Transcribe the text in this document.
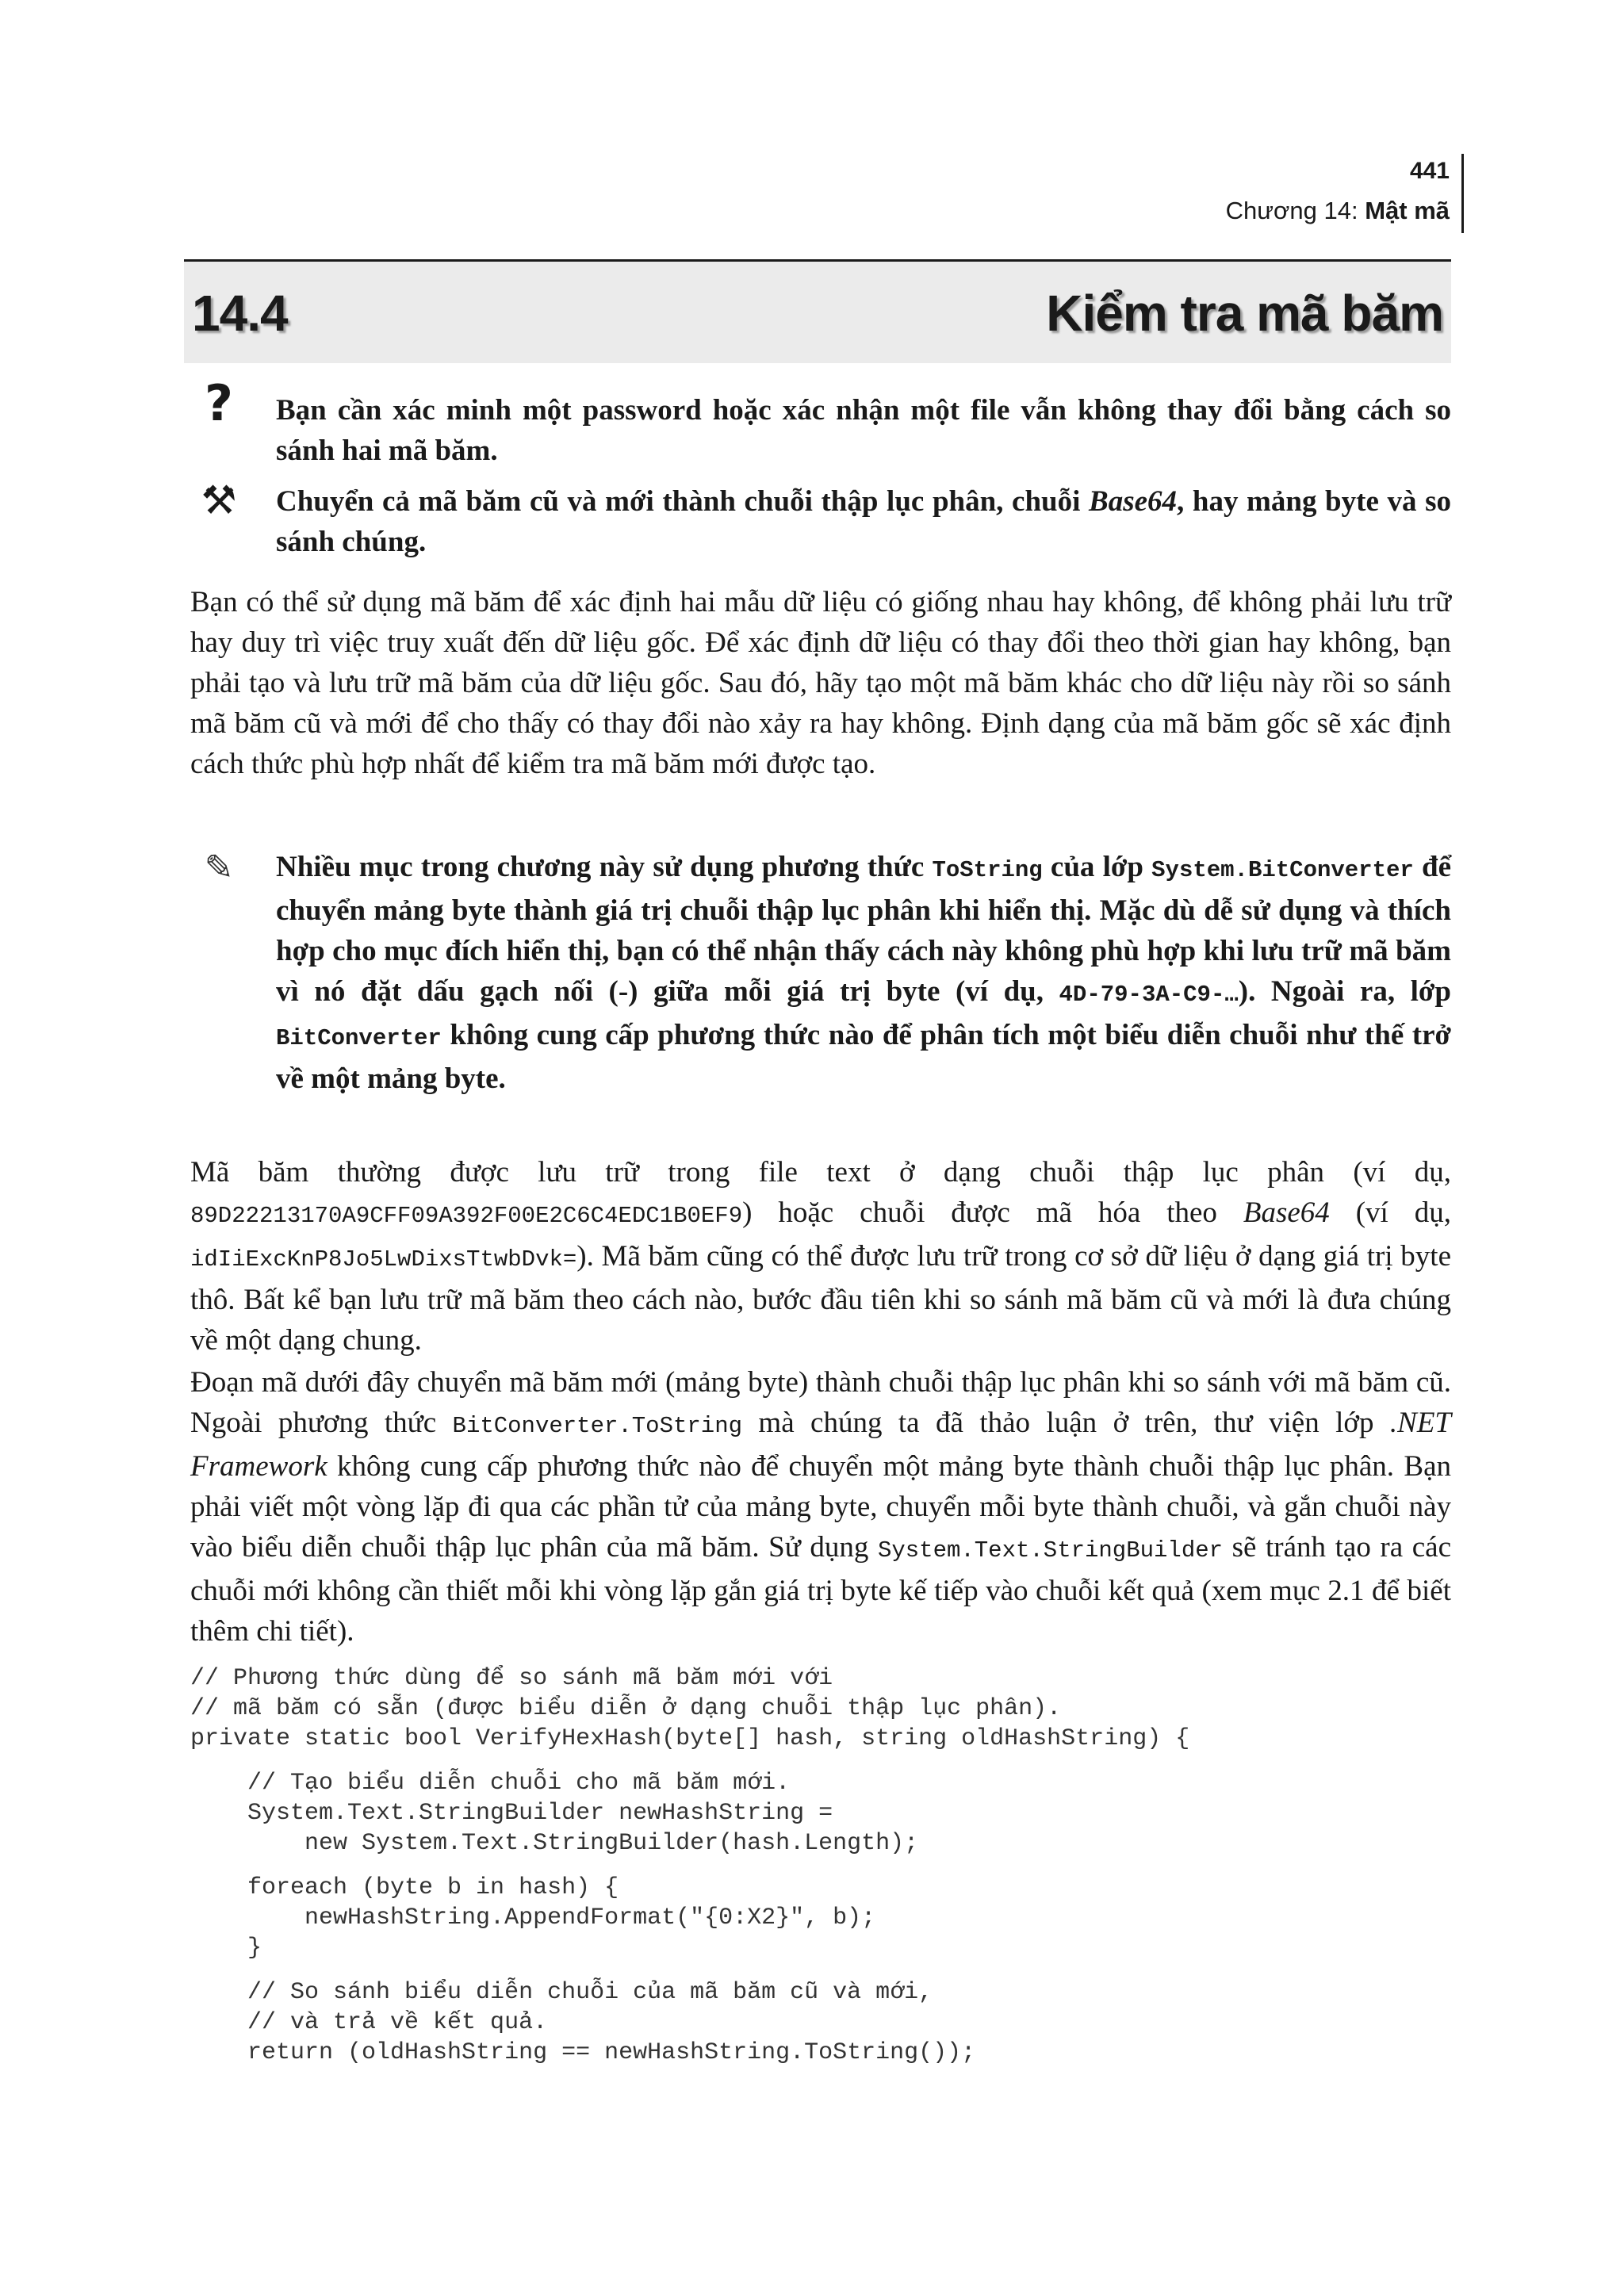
441
Chương 14: Mật mã
14.4	Kiểm tra mã băm
? Bạn cần xác minh một password hoặc xác nhận một file vẫn không thay đổi bằng cách so sánh hai mã băm.

⚒ Chuyển cả mã băm cũ và mới thành chuỗi thập lục phân, chuỗi Base64, hay mảng byte và so sánh chúng.

Bạn có thể sử dụng mã băm để xác định hai mẫu dữ liệu có giống nhau hay không, để không phải lưu trữ hay duy trì việc truy xuất đến dữ liệu gốc. Để xác định dữ liệu có thay đổi theo thời gian hay không, bạn phải tạo và lưu trữ mã băm của dữ liệu gốc. Sau đó, hãy tạo một mã băm khác cho dữ liệu này rồi so sánh mã băm cũ và mới để cho thấy có thay đổi nào xảy ra hay không. Định dạng của mã băm gốc sẽ xác định cách thức phù hợp nhất để kiểm tra mã băm mới được tạo.

✎ Nhiều mục trong chương này sử dụng phương thức ToString của lớp System.BitConverter để chuyển mảng byte thành giá trị chuỗi thập lục phân khi hiển thị. Mặc dù dễ sử dụng và thích hợp cho mục đích hiển thị, bạn có thể nhận thấy cách này không phù hợp khi lưu trữ mã băm vì nó đặt dấu gạch nối (-) giữa mỗi giá trị byte (ví dụ, 4D-79-3A-C9-…). Ngoài ra, lớp BitConverter không cung cấp phương thức nào để phân tích một biểu diễn chuỗi như thế trở về một mảng byte.

Mã băm thường được lưu trữ trong file text ở dạng chuỗi thập lục phân (ví dụ, 89D22213170A9CFF09A392F00E2C6C4EDC1B0EF9) hoặc chuỗi được mã hóa theo Base64 (ví dụ, idIiExcKnP8Jo5LwDixsTtwbDvk=). Mã băm cũng có thể được lưu trữ trong cơ sở dữ liệu ở dạng giá trị byte thô. Bất kể bạn lưu trữ mã băm theo cách nào, bước đầu tiên khi so sánh mã băm cũ và mới là đưa chúng về một dạng chung.

Đoạn mã dưới đây chuyển mã băm mới (mảng byte) thành chuỗi thập lục phân khi so sánh với mã băm cũ. Ngoài phương thức BitConverter.ToString mà chúng ta đã thảo luận ở trên, thư viện lớp .NET Framework không cung cấp phương thức nào để chuyển một mảng byte thành chuỗi thập lục phân. Bạn phải viết một vòng lặp đi qua các phần tử của mảng byte, chuyển mỗi byte thành chuỗi, và gắn chuỗi này vào biểu diễn chuỗi thập lục phân của mã băm. Sử dụng System.Text.StringBuilder sẽ tránh tạo ra các chuỗi mới không cần thiết mỗi khi vòng lặp gắn giá trị byte kế tiếp vào chuỗi kết quả (xem mục 2.1 để biết thêm chi tiết).

// Phương thức dùng để so sánh mã băm mới với
// mã băm có sẵn (được biểu diễn ở dạng chuỗi thập lục phân).
private static bool VerifyHexHash(byte[] hash, string oldHashString) {
// Tạo biểu diễn chuỗi cho mã băm mới.
System.Text.StringBuilder newHashString =
new System.Text.StringBuilder(hash.Length);
foreach (byte b in hash) {
newHashString.AppendFormat("{0:X2}", b);
}
// So sánh biểu diễn chuỗi của mã băm cũ và mới,
// và trả về kết quả.
return (oldHashString == newHashString.ToString());
